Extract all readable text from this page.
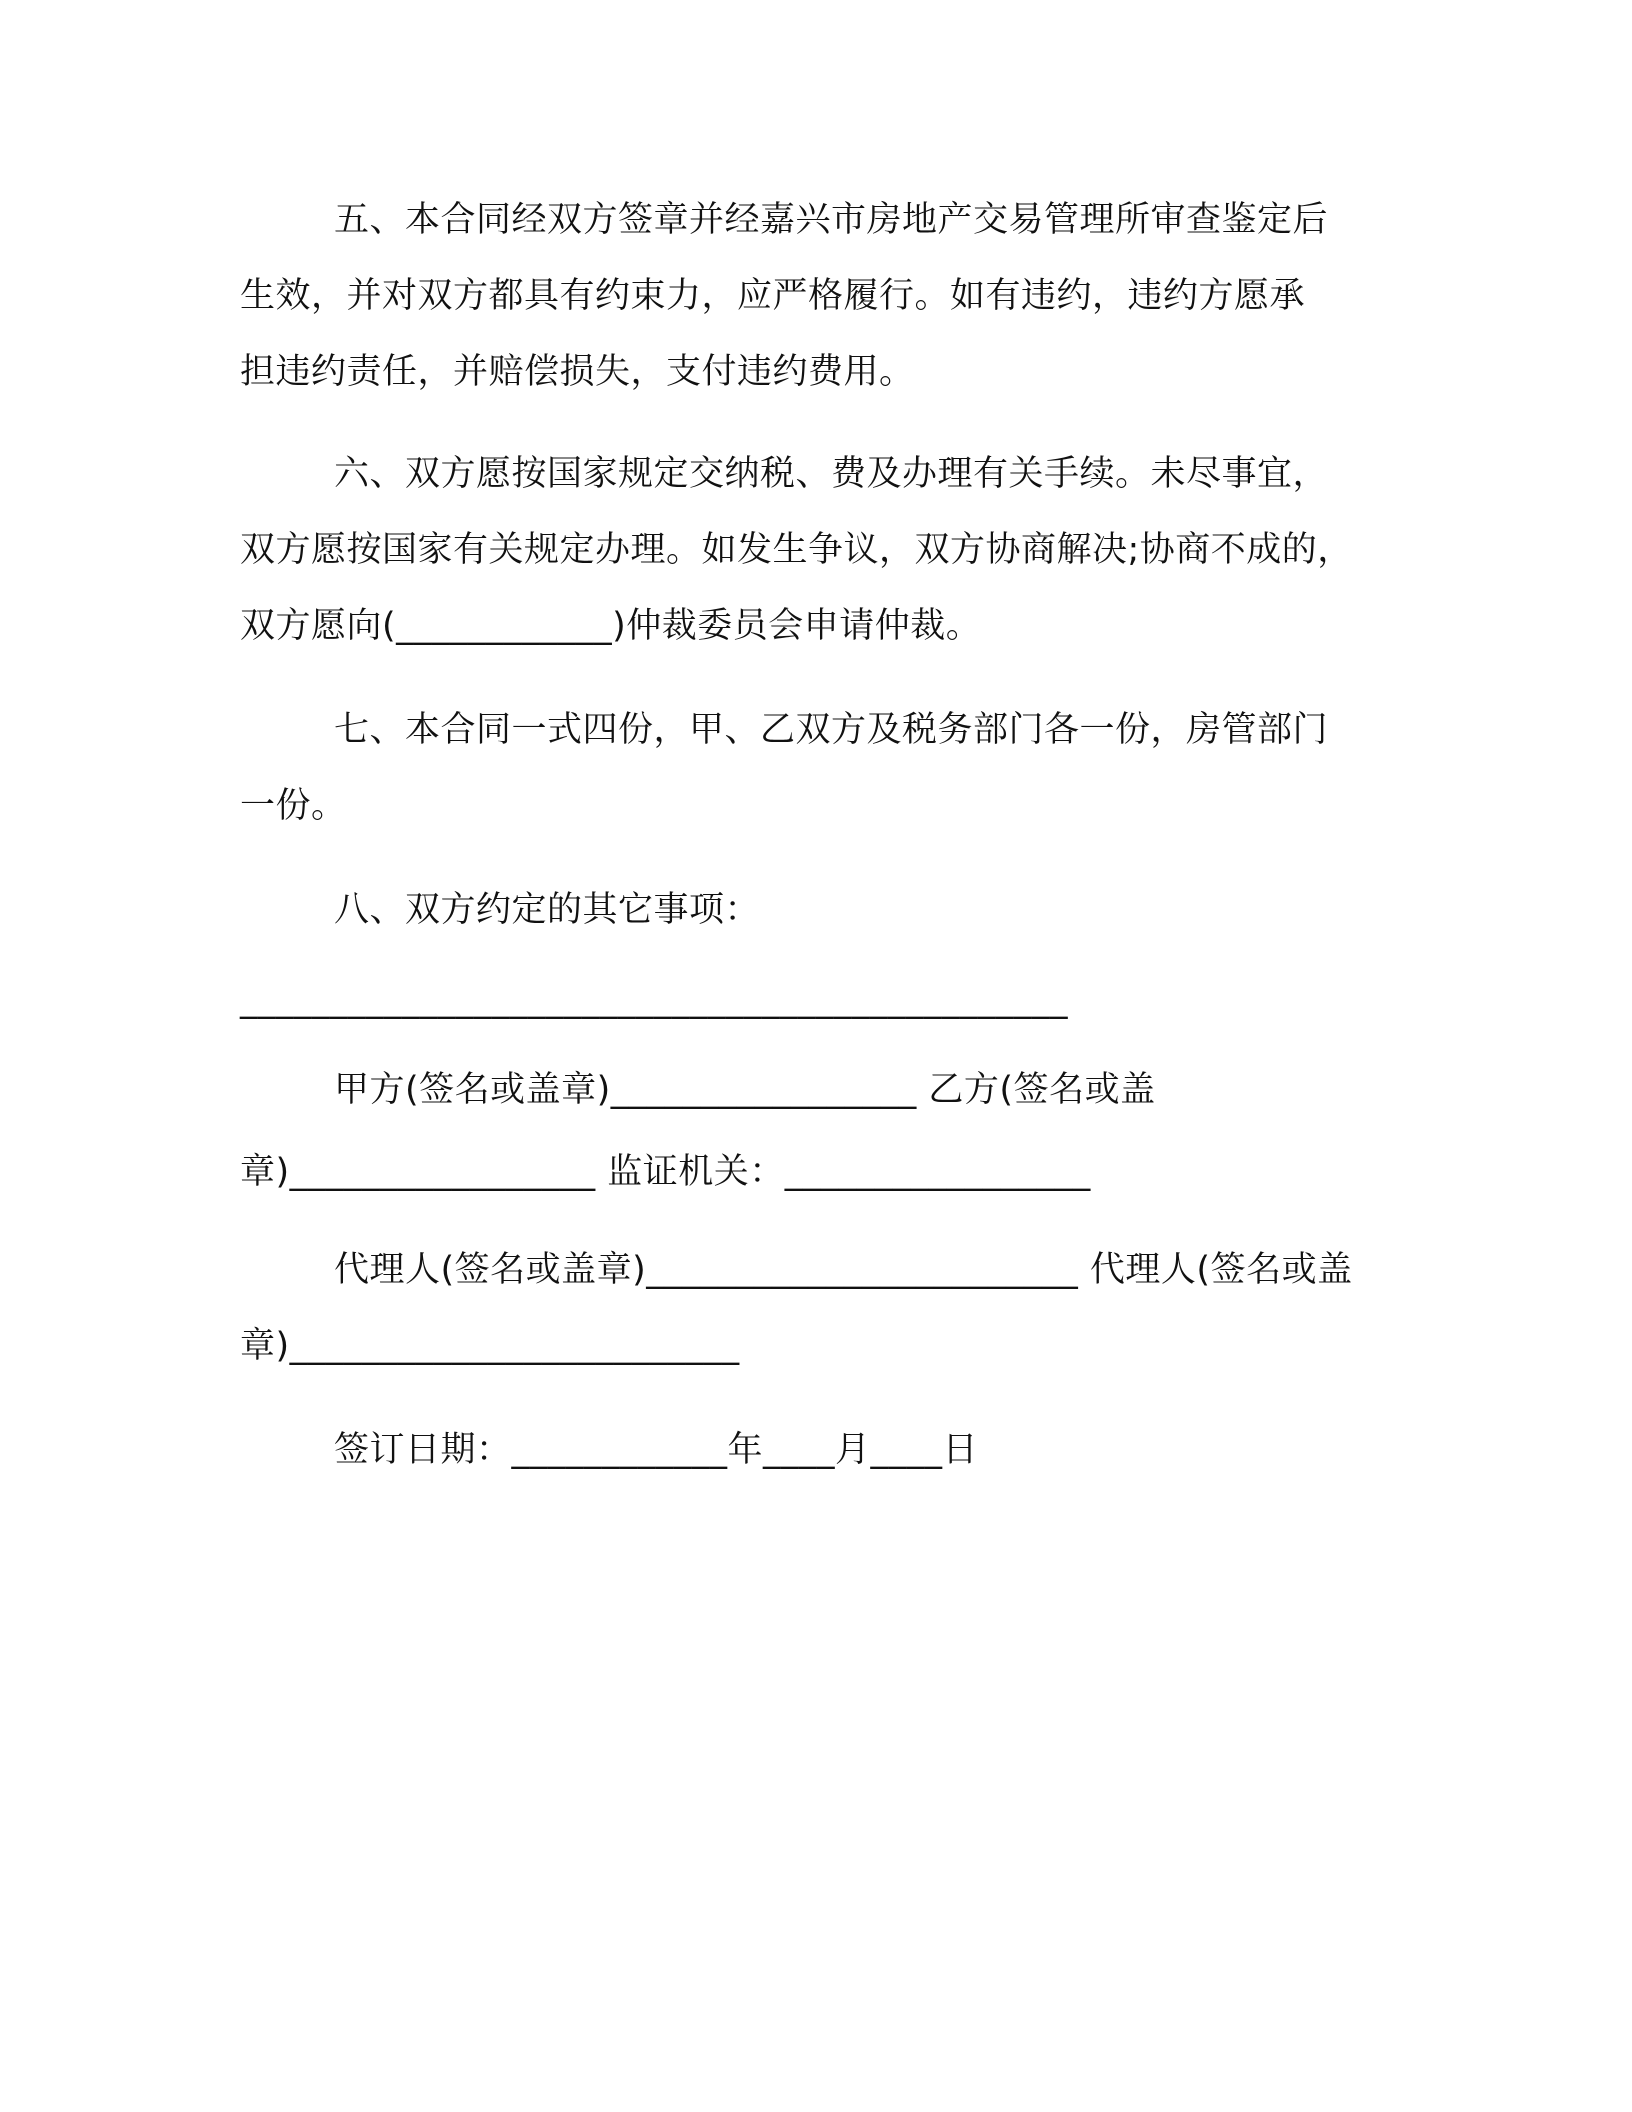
五、本合同经双方签章并经嘉兴市房地产交易管理所审查鉴定后
生效，并对双方都具有约束力，应严格履行。如有违约，违约方愿承
担违约责任，并赔偿损失，支付违约费用。
六、双方愿按国家规定交纳税、费及办理有关手续。未尽事宜，
双方愿按国家有关规定办理。如发生争议，双方协商解决;协商不成的，
双方愿向(____________)仲裁委员会申请仲裁。
七、本合同一式四份，甲、乙双方及税务部门各一份，房管部门
一份。
八、双方约定的其它事项：
______________________________________________
甲方(签名或盖章)_________________ 乙方(签名或盖
章)_________________ 监证机关：_________________
代理人(签名或盖章)________________________ 代理人(签名或盖
章)_________________________
签订日期：____________年____月____日
